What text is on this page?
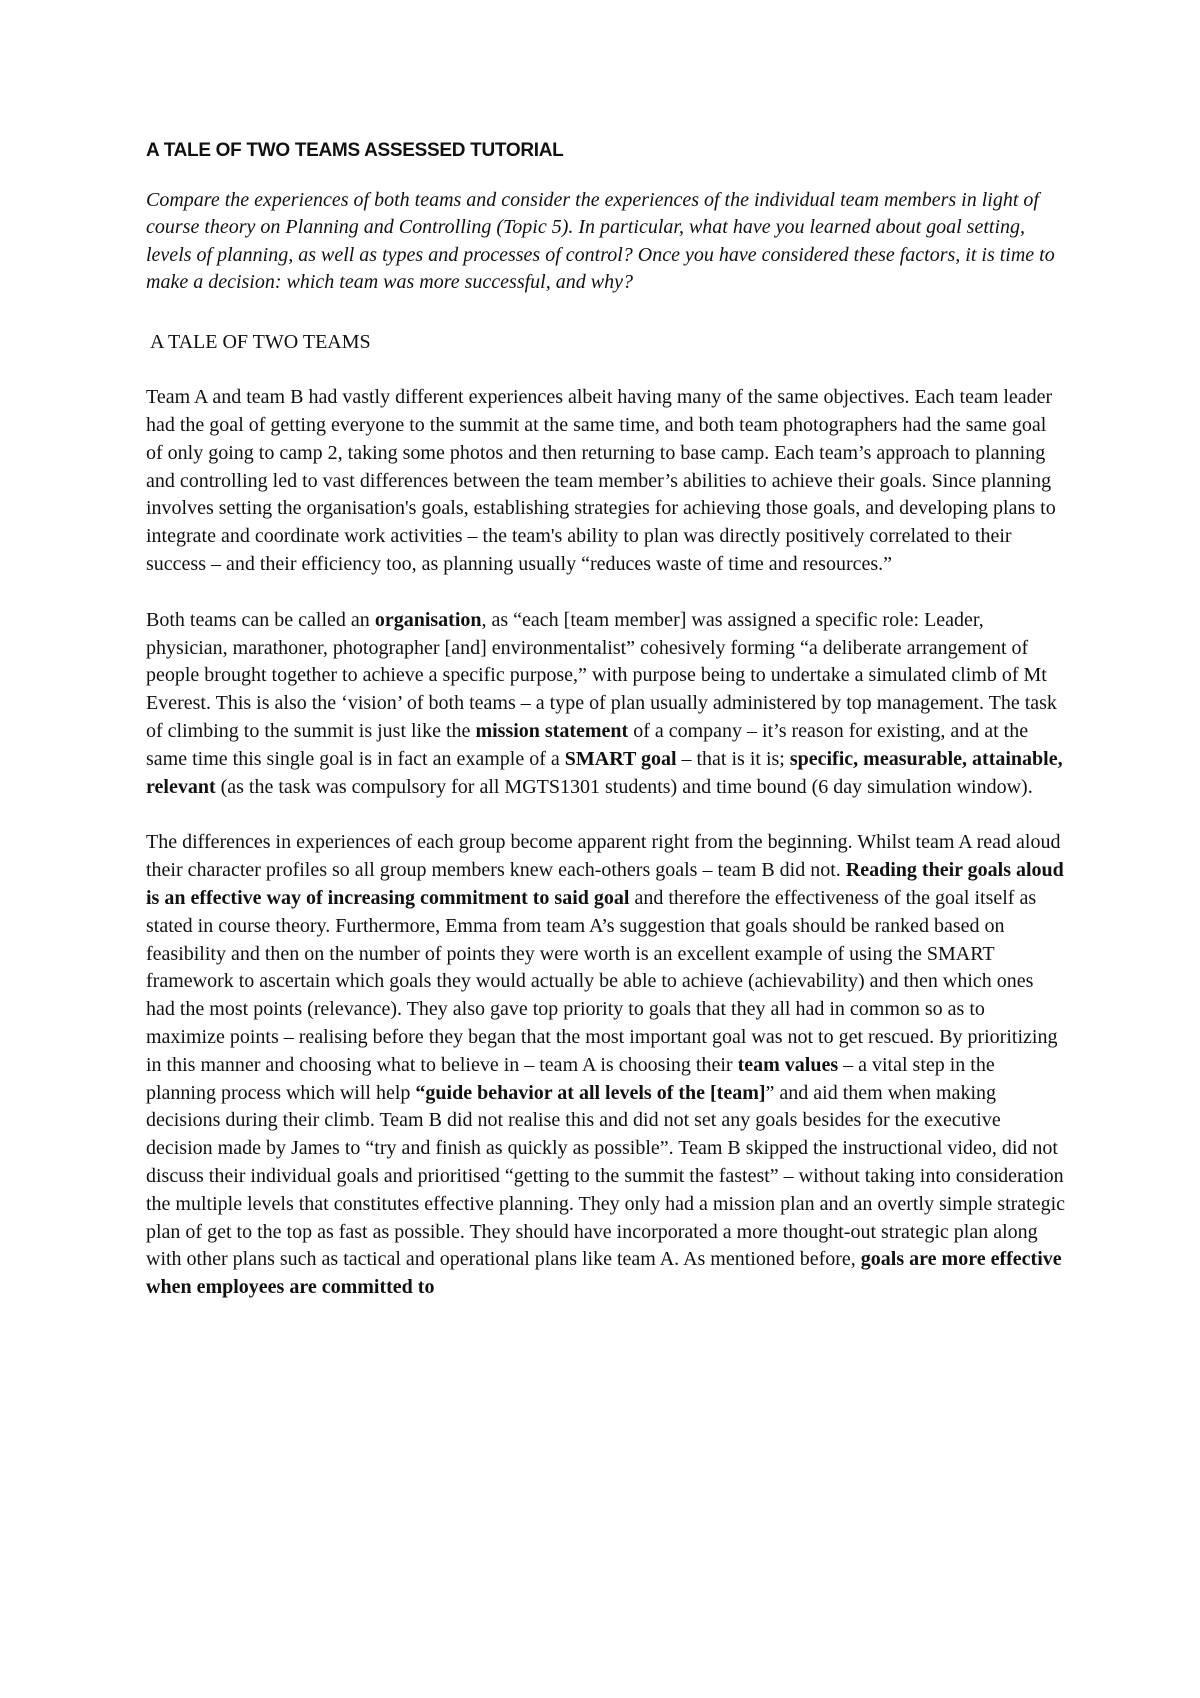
A TALE OF TWO TEAMS ASSESSED TUTORIAL
Compare the experiences of both teams and consider the experiences of the individual team members in light of course theory on Planning and Controlling (Topic 5). In particular, what have you learned about goal setting, levels of planning, as well as types and processes of control? Once you have considered these factors, it is time to make a decision: which team was more successful, and why?
A TALE OF TWO TEAMS
Team A and team B had vastly different experiences albeit having many of the same objectives. Each team leader had the goal of getting everyone to the summit at the same time, and both team photographers had the same goal of only going to camp 2, taking some photos and then returning to base camp. Each team’s approach to planning and controlling led to vast differences between the team member’s abilities to achieve their goals. Since planning involves setting the organisation's goals, establishing strategies for achieving those goals, and developing plans to integrate and coordinate work activities – the team's ability to plan was directly positively correlated to their success – and their efficiency too, as planning usually “reduces waste of time and resources.”
Both teams can be called an organisation, as “each [team member] was assigned a specific role: Leader, physician, marathoner, photographer [and] environmentalist” cohesively forming “a deliberate arrangement of people brought together to achieve a specific purpose,” with purpose being to undertake a simulated climb of Mt Everest. This is also the ‘vision’ of both teams – a type of plan usually administered by top management. The task of climbing to the summit is just like the mission statement of a company – it’s reason for existing, and at the same time this single goal is in fact an example of a SMART goal – that is it is; specific, measurable, attainable, relevant (as the task was compulsory for all MGTS1301 students) and time bound (6 day simulation window).
The differences in experiences of each group become apparent right from the beginning. Whilst team A read aloud their character profiles so all group members knew each-others goals – team B did not. Reading their goals aloud is an effective way of increasing commitment to said goal and therefore the effectiveness of the goal itself as stated in course theory. Furthermore, Emma from team A’s suggestion that goals should be ranked based on feasibility and then on the number of points they were worth is an excellent example of using the SMART framework to ascertain which goals they would actually be able to achieve (achievability) and then which ones had the most points (relevance). They also gave top priority to goals that they all had in common so as to maximize points – realising before they began that the most important goal was not to get rescued. By prioritizing in this manner and choosing what to believe in – team A is choosing their team values – a vital step in the planning process which will help “guide behavior at all levels of the [team]” and aid them when making decisions during their climb. Team B did not realise this and did not set any goals besides for the executive decision made by James to “try and finish as quickly as possible”. Team B skipped the instructional video, did not discuss their individual goals and prioritised “getting to the summit the fastest” – without taking into consideration the multiple levels that constitutes effective planning. They only had a mission plan and an overtly simple strategic plan of get to the top as fast as possible. They should have incorporated a more thought-out strategic plan along with other plans such as tactical and operational plans like team A. As mentioned before, goals are more effective when employees are committed to
